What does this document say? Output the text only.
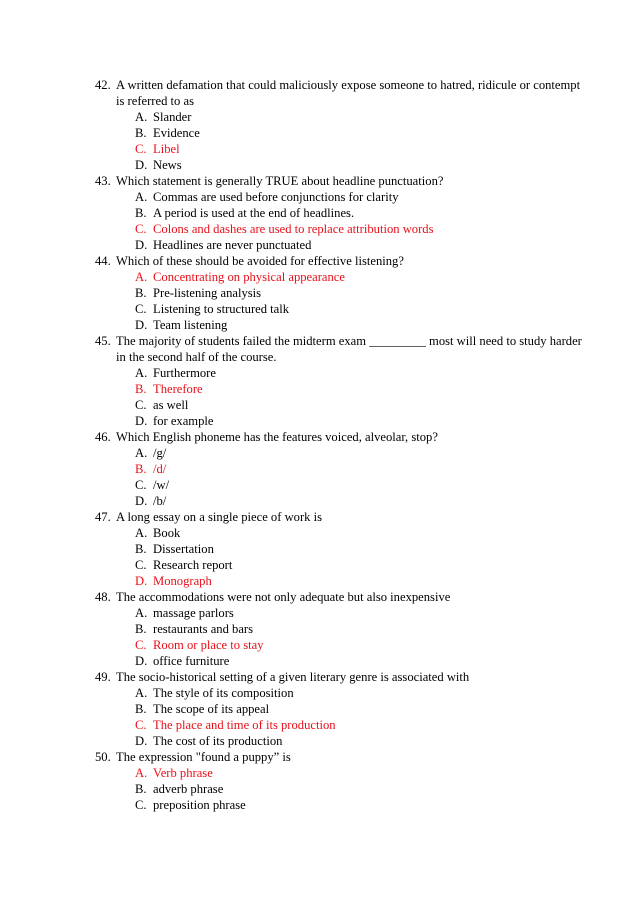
42. A written defamation that could maliciously expose someone to hatred, ridicule or contempt is referred to as
A. Slander
B. Evidence
C. Libel
D. News
43. Which statement is generally TRUE about headline punctuation?
A. Commas are used before conjunctions for clarity
B. A period is used at the end of headlines.
C. Colons and dashes are used to replace attribution words
D. Headlines are never punctuated
44. Which of these should be avoided for effective listening?
A. Concentrating on physical appearance
B. Pre-listening analysis
C. Listening to structured talk
D. Team listening
45. The majority of students failed the midterm exam _________ most will need to study harder in the second half of the course.
A. Furthermore
B. Therefore
C. as well
D. for example
46. Which English phoneme has the features voiced, alveolar, stop?
A. /g/
B. /d/
C. /w/
D. /b/
47. A long essay on a single piece of work is
A. Book
B. Dissertation
C. Research report
D. Monograph
48. The accommodations were not only adequate but also inexpensive
A. massage parlors
B. restaurants and bars
C. Room or place to stay
D. office furniture
49. The socio-historical setting of a given literary genre is associated with
A. The style of its composition
B. The scope of its appeal
C. The place and time of its production
D. The cost of its production
50. The expression "found a puppy” is
A. Verb phrase
B. adverb phrase
C. preposition phrase
